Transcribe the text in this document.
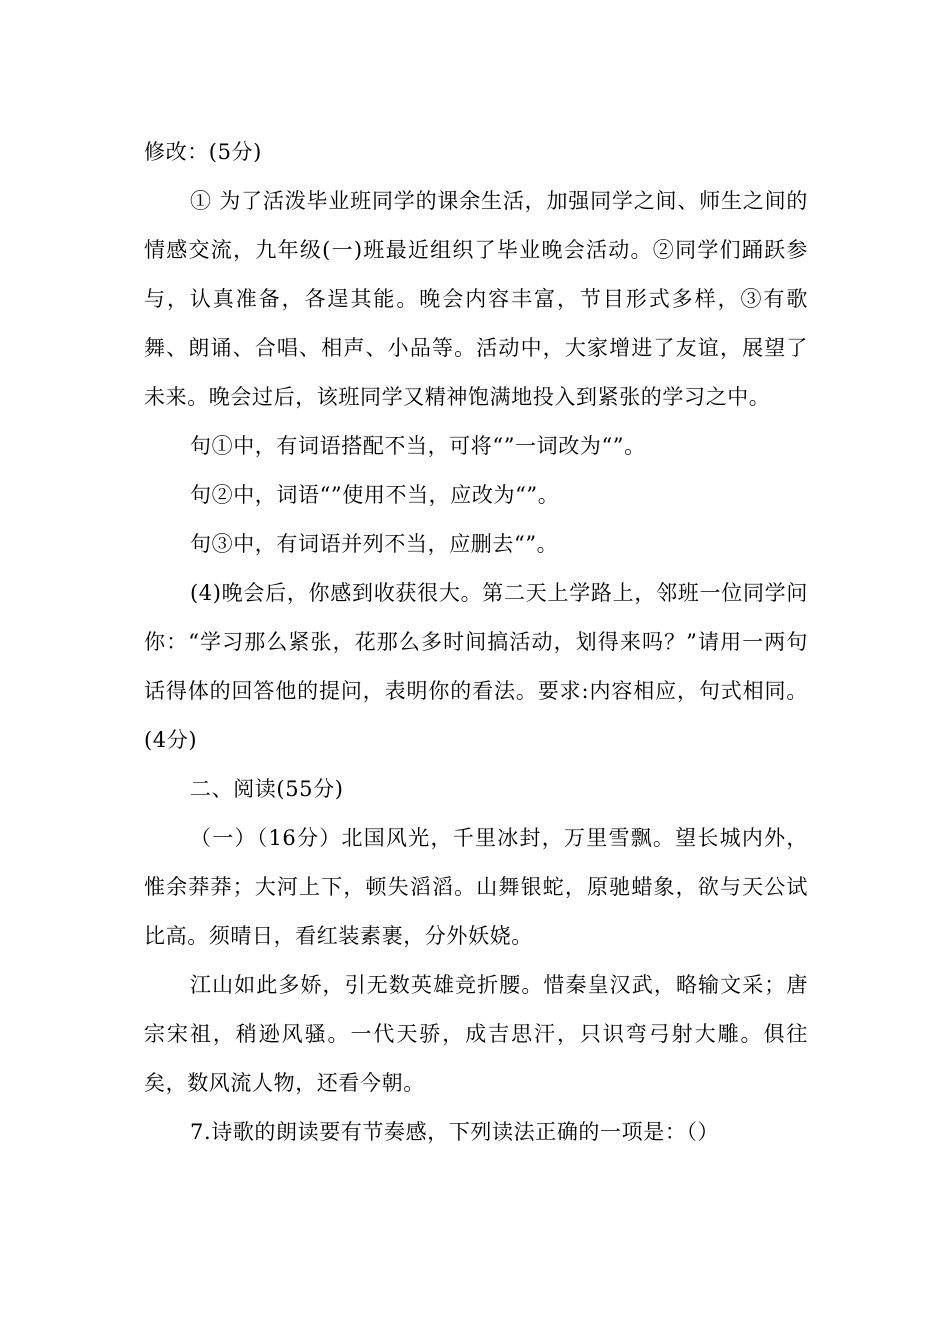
修改：(5分)

① 为了活泼毕业班同学的课余生活，加强同学之间、师生之间的情感交流，九年级(一)班最近组织了毕业晚会活动。②同学们踊跃参与，认真准备，各逞其能。晚会内容丰富，节目形式多样，③有歌舞、朗诵、合唱、相声、小品等。活动中，大家增进了友谊，展望了未来。晚会过后，该班同学又精神饱满地投入到紧张的学习之中。

句①中，有词语搭配不当，可将“”一词改为“”。

句②中，词语“”使用不当，应改为“”。

句③中，有词语并列不当，应删去“”。

(4)晚会后，你感到收获很大。第二天上学路上，邻班一位同学问你：“学习那么紧张，花那么多时间搞活动，划得来吗？”请用一两句话得体的回答他的提问，表明你的看法。要求:内容相应，句式相同。(4分)

二、阅读(55分)

（一）（16分）北国风光，千里冰封，万里雪飘。望长城内外，惟余莽莽；大河上下，顿失滔滔。山舞银蛇，原驰蜡象，欲与天公试比高。须晴日，看红装素裹，分外妖娆。

江山如此多娇，引无数英雄竞折腰。惜秦皇汉武，略输文采；唐宗宋祖，稍逊风骚。一代天骄，成吉思汗，只识弯弓射大雕。俱往矣，数风流人物，还看今朝。

7.诗歌的朗读要有节奏感，下列读法正确的一项是：（）
